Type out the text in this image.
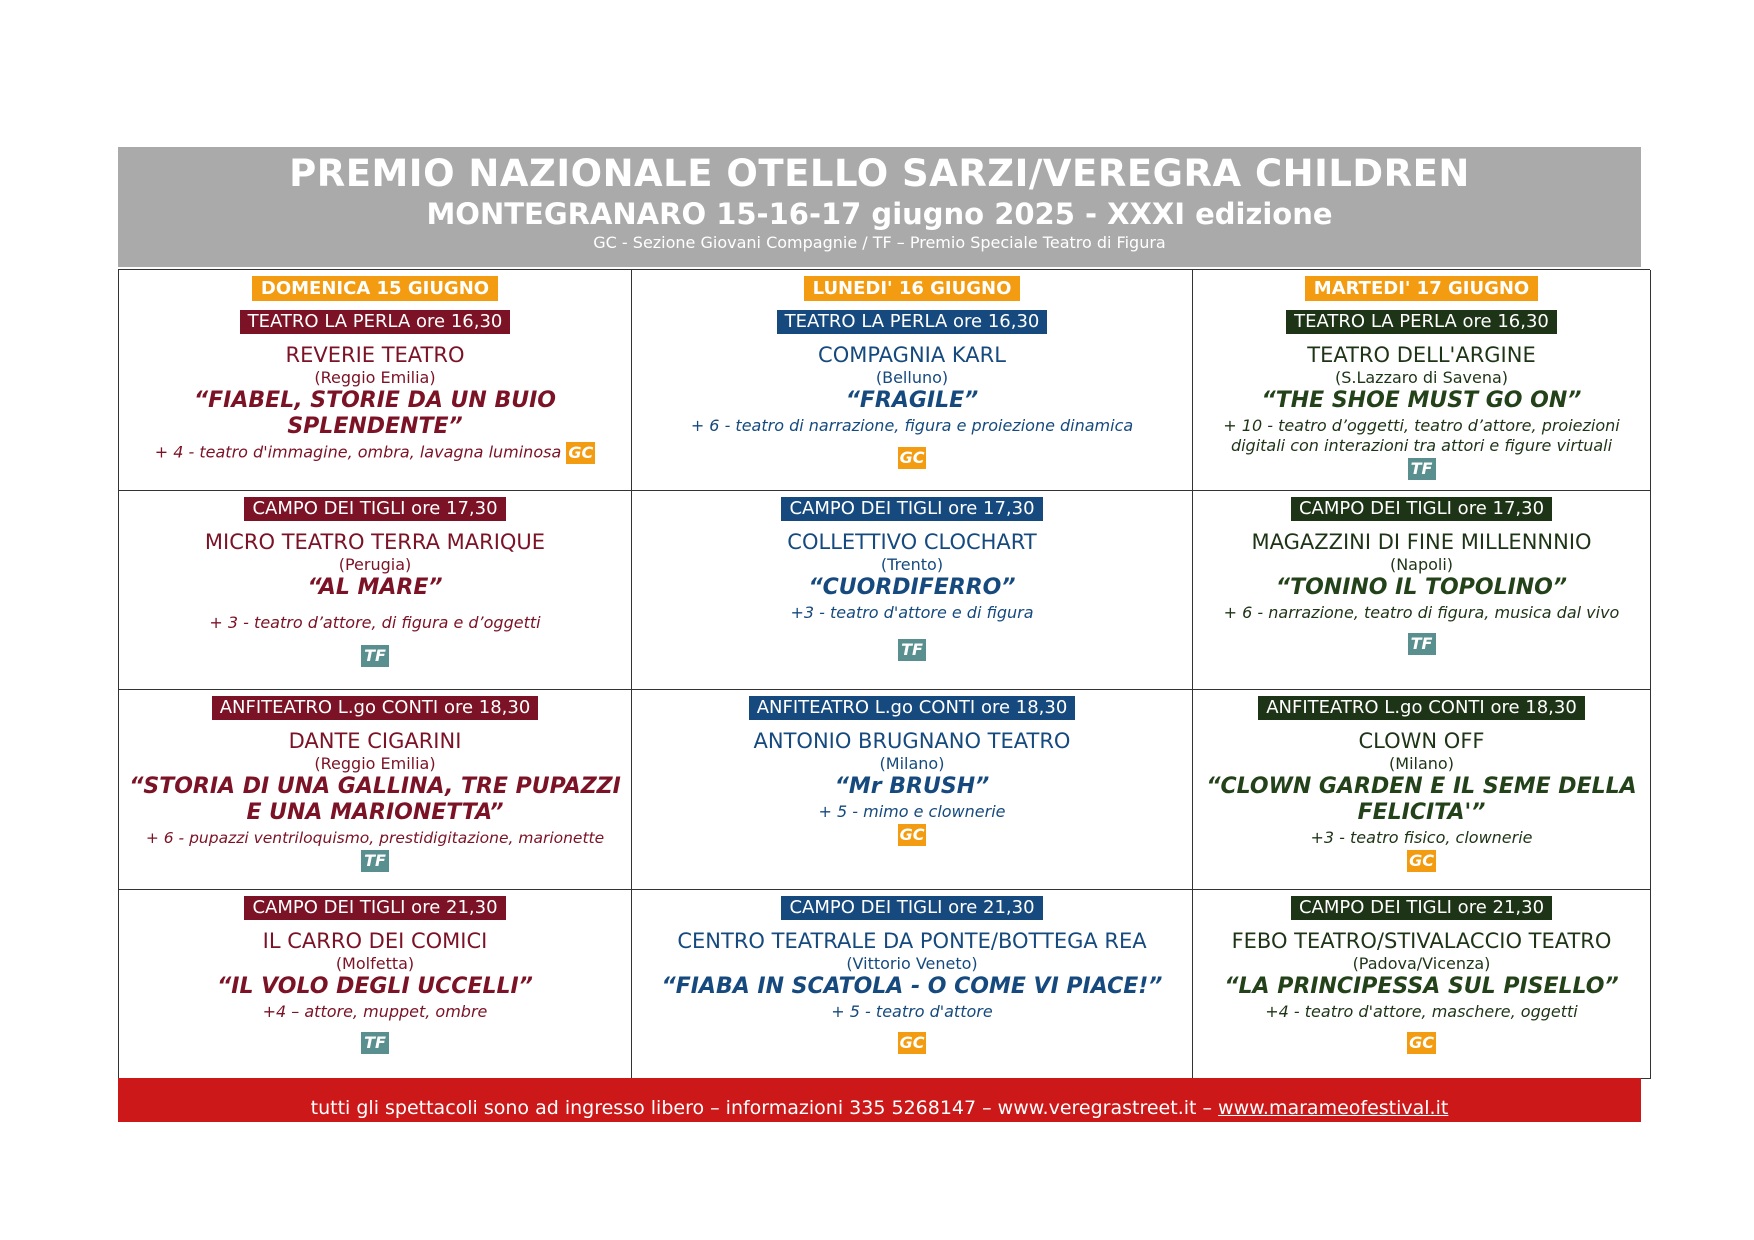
PREMIO NAZIONALE OTELLO SARZI/VEREGRA CHILDREN
MONTEGRANARO 15-16-17 giugno 2025 - XXXI edizione
GC - Sezione Giovani Compagnie / TF – Premio Speciale Teatro di Figura
DOMENICA 15 GIUGNO
TEATRO LA PERLA ore 16,30
REVERIE TEATRO
(Reggio Emilia)
“FIABEL, STORIE DA UN BUIO SPLENDENTE”
+ 4 - teatro d'immagine, ombra, lavagna luminosa GC
LUNEDI' 16 GIUGNO
TEATRO LA PERLA ore 16,30
COMPAGNIA KARL
(Belluno)
“FRAGILE”
+ 6 - teatro di narrazione, figura e proiezione dinamica
GC
MARTEDI' 17 GIUGNO
TEATRO LA PERLA ore 16,30
TEATRO DELL'ARGINE
(S.Lazzaro di Savena)
“THE SHOE MUST GO ON”
+ 10 - teatro d’oggetti, teatro d’attore, proiezioni digitali con interazioni tra attori e figure virtuali
TF
CAMPO DEI TIGLI ore 17,30
MICRO TEATRO TERRA MARIQUE
(Perugia)
“AL MARE”
+ 3 - teatro d’attore, di figura e d’oggetti
TF
CAMPO DEI TIGLI ore 17,30
COLLETTIVO CLOCHART
(Trento)
“CUORDIFERRO”
+3 - teatro d'attore e di figura
TF
CAMPO DEI TIGLI ore 17,30
MAGAZZINI DI FINE MILLENNNIO
(Napoli)
“TONINO IL TOPOLINO”
+ 6 - narrazione, teatro di figura, musica dal vivo
TF
ANFITEATRO L.go CONTI ore 18,30
DANTE CIGARINI
(Reggio Emilia)
“STORIA DI UNA GALLINA, TRE PUPAZZI E UNA MARIONETTA”
+ 6 - pupazzi ventriloquismo, prestidigitazione, marionette
TF
ANFITEATRO L.go CONTI ore 18,30
ANTONIO BRUGNANO TEATRO
(Milano)
“Mr BRUSH”
+ 5 - mimo e clownerie
GC
ANFITEATRO L.go CONTI ore 18,30
CLOWN OFF
(Milano)
“CLOWN GARDEN E IL SEME DELLA FELICITA'”
+3 - teatro fisico, clownerie
GC
CAMPO DEI TIGLI ore 21,30
IL CARRO DEI COMICI
(Molfetta)
“IL VOLO DEGLI UCCELLI”
+4 – attore, muppet, ombre
TF
CAMPO DEI TIGLI ore 21,30
CENTRO TEATRALE DA PONTE/BOTTEGA REA
(Vittorio Veneto)
“FIABA IN SCATOLA - O COME VI PIACE!”
+ 5 - teatro d'attore
GC
CAMPO DEI TIGLI ore 21,30
FEBO TEATRO/STIVALACCIO TEATRO
(Padova/Vicenza)
“LA PRINCIPESSA SUL PISELLO”
+4 - teatro d'attore, maschere, oggetti
GC
tutti gli spettacoli sono ad ingresso libero – informazioni 335 5268147 – www.veregrastreet.it – www.marameofestival.it
